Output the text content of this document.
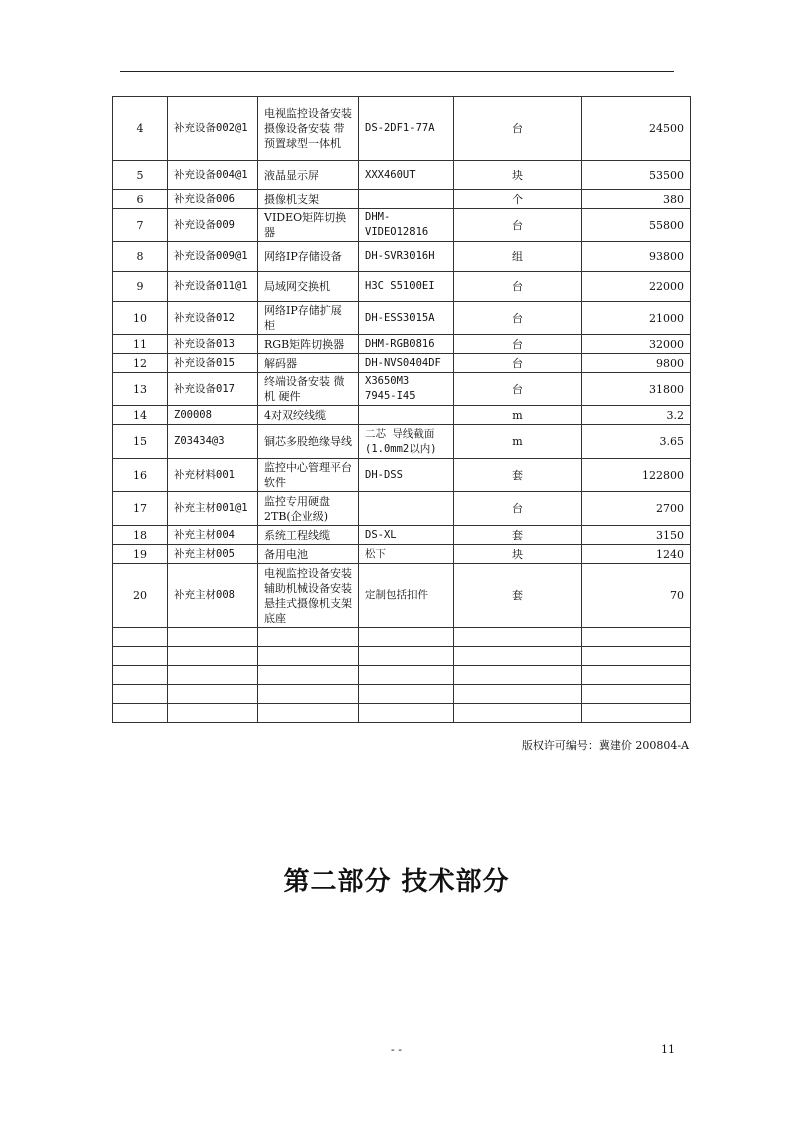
4	补充设备002@1	电视监控设备安装 摄像设备安装 带预置球型一体机	DS-2DF1-77A	台	24500
5	补充设备004@1	液晶显示屏	XXX460UT	块	53500
6	补充设备006	摄像机支架		个	380
7	补充设备009	VIDEO矩阵切换器	DHM-VIDEO12816	台	55800
8	补充设备009@1	网络IP存储设备	DH-SVR3016H	组	93800
9	补充设备011@1	局域网交换机	H3C S5100EI	台	22000
10	补充设备012	网络IP存储扩展柜	DH-ESS3015A	台	21000
11	补充设备013	RGB矩阵切换器	DHM-RGB0816	台	32000
12	补充设备015	解码器	DH-NVS0404DF	台	9800
13	补充设备017	终端设备安装 微机 硬件	X3650M3 7945-I45	台	31800
14	Z00008	4对双绞线缆		m	3.2
15	Z03434@3	铜芯多股绝缘导线	二芯 导线截面(1.0mm2以内)	m	3.65
16	补充材料001	监控中心管理平台软件	DH-DSS	套	122800
17	补充主材001@1	监控专用硬盘2TB(企业级)		台	2700
18	补充主材004	系统工程线缆	DS-XL	套	3150
19	补充主材005	备用电池	松下	块	1240
20	补充主材008	电视监控设备安装 辅助机械设备安装 悬挂式摄像机支架底座	定制包括扣件	套	70

版权许可编号：冀建价 200804-A
第二部分 技术部分
- -	11
